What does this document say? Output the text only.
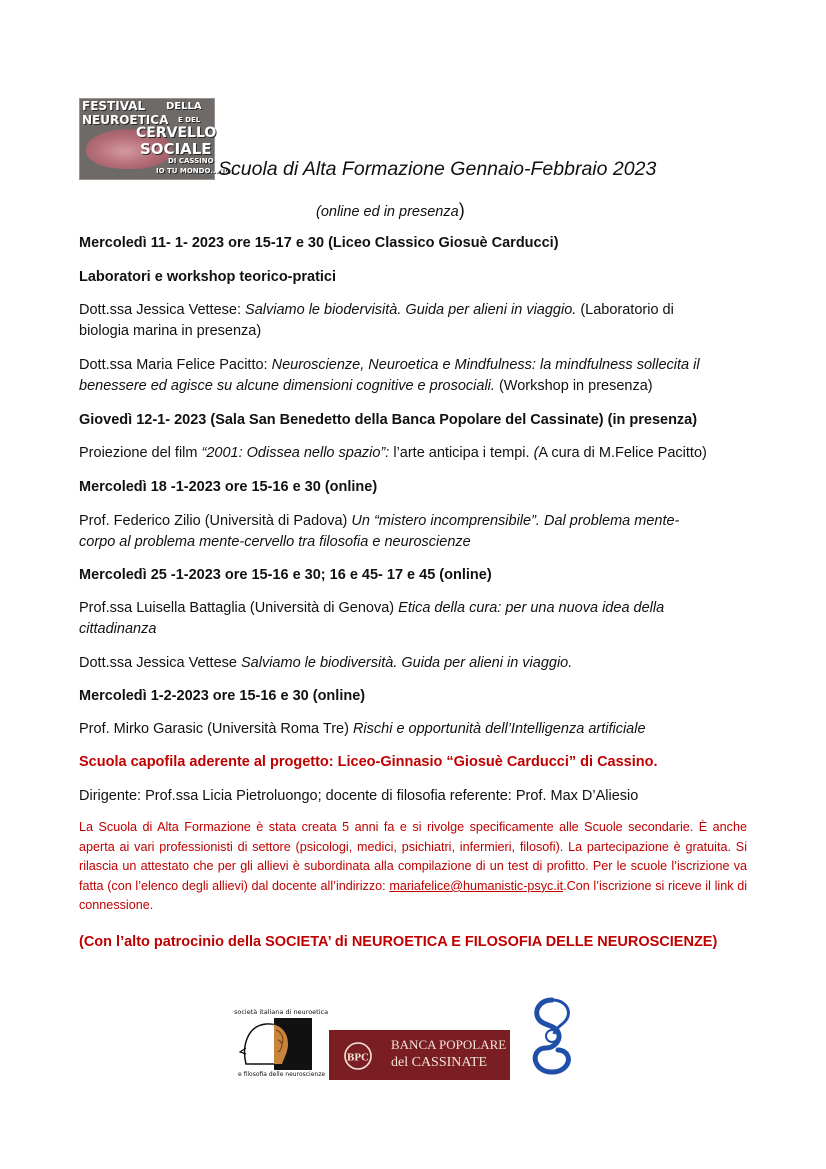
FESTIVAL DELLA
NEUROETICA E DEL
CERVELLO
SOCIALE
DI CASSINO
IO TU MONDO...NOI
Scuola di Alta Formazione Gennaio-Febbraio 2023
(online ed in presenza)
Mercoledì 11- 1- 2023 ore 15-17 e 30 (Liceo Classico Giosuè Carducci)
Laboratori e workshop teorico-pratici
Dott.ssa Jessica Vettese: Salviamo le biodervisità. Guida per alieni in viaggio. (Laboratorio di
biologia marina in presenza)
Dott.ssa Maria Felice Pacitto: Neuroscienze, Neuroetica e Mindfulness: la mindfulness sollecita il
benessere ed agisce su alcune dimensioni cognitive e prosociali. (Workshop in presenza)
Giovedì 12-1- 2023 (Sala San Benedetto della Banca Popolare del Cassinate) (in presenza)
Proiezione del film “2001: Odissea nello spazio”: l’arte anticipa i tempi. (A cura di M.Felice Pacitto)
Mercoledì 18 -1-2023 ore 15-16 e 30 (online)
Prof. Federico Zilio (Università di Padova) Un “mistero incomprensibile”. Dal problema mente-
corpo al problema mente-cervello tra filosofia e neuroscienze
Mercoledì 25 -1-2023 ore 15-16 e 30; 16 e 45- 17 e 45 (online)
Prof.ssa Luisella Battaglia (Università di Genova) Etica della cura: per una nuova idea della
cittadinanza
Dott.ssa Jessica Vettese Salviamo le biodiversità. Guida per alieni in viaggio.
Mercoledì 1-2-2023 ore 15-16 e 30 (online)
Prof. Mirko Garasic (Università Roma Tre) Rischi e opportunità dell’Intelligenza artificiale
Scuola capofila aderente al progetto: Liceo-Ginnasio “Giosuè Carducci” di Cassino.
Dirigente: Prof.ssa Licia Pietroluongo; docente di filosofia referente: Prof. Max D’Aliesio
La Scuola di Alta Formazione è stata creata 5 anni fa e si rivolge specificamente alle Scuole secondarie. È anche aperta ai vari professionisti di settore (psicologi, medici, psichiatri, infermieri, filosofi). La partecipazione è gratuita. Si rilascia un attestato che per gli allievi è subordinata alla compilazione di un test di profitto. Per le scuole l’iscrizione va fatta (con l’elenco degli allievi) dal docente all’indirizzo: mariafelice@humanistic-psyc.it.Con l’iscrizione si riceve il link di connessione.
(Con l’alto patrocinio della SOCIETA’ di NEUROETICA E FILOSOFIA DELLE NEUROSCIENZE)
società italiana di neuroetica
e filosofia delle neuroscienze
BPC
BANCA POPOLARE
del CASSINATE
